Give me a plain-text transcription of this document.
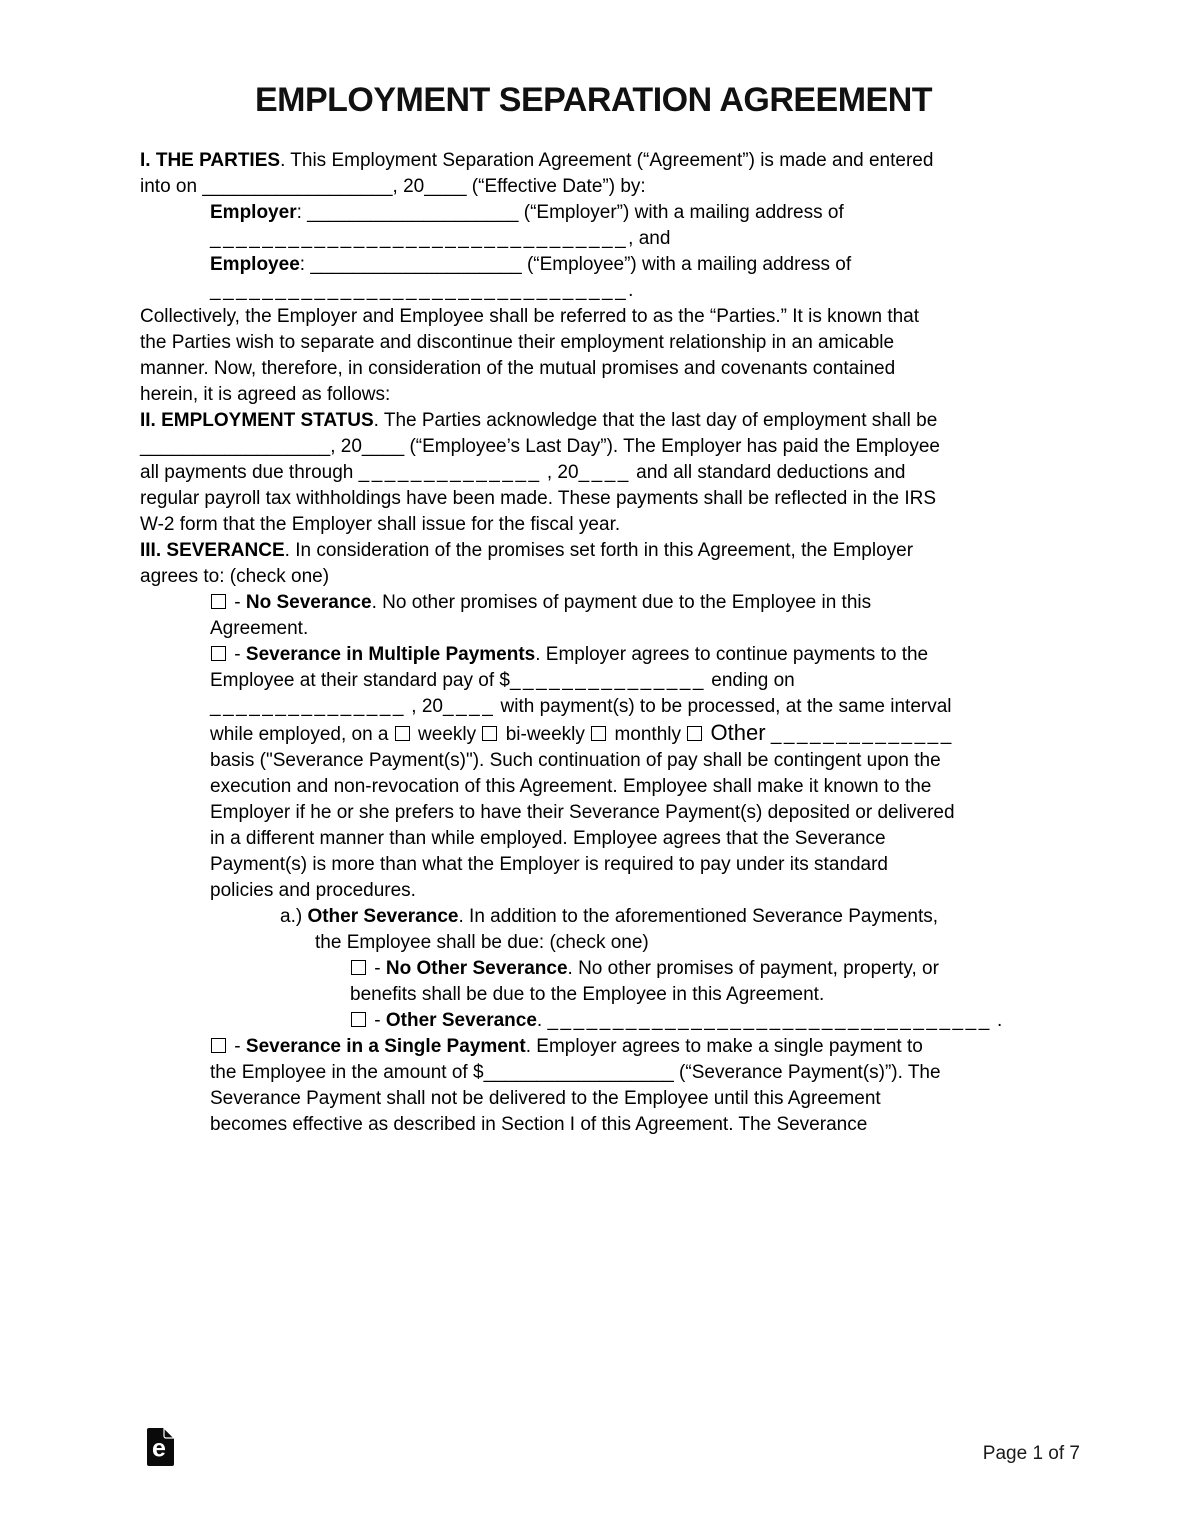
EMPLOYMENT SEPARATION AGREEMENT

I. THE PARTIES. This Employment Separation Agreement (“Agreement”) is made and entered
into on __________________, 20____ (“Effective Date”) by:

Employer: ____________________ (“Employer”) with a mailing address of
________________________________, and

Employee: ____________________ (“Employee”) with a mailing address of
________________________________.

Collectively, the Employer and Employee shall be referred to as the “Parties.” It is known that
the Parties wish to separate and discontinue their employment relationship in an amicable
manner. Now, therefore, in consideration of the mutual promises and covenants contained
herein, it is agreed as follows:

II. EMPLOYMENT STATUS. The Parties acknowledge that the last day of employment shall be
__________________, 20____ (“Employee’s Last Day”). The Employer has paid the Employee
all payments due through ______________ , 20____ and all standard deductions and
regular payroll tax withholdings have been made. These payments shall be reflected in the IRS
W-2 form that the Employer shall issue for the fiscal year.

III. SEVERANCE. In consideration of the promises set forth in this Agreement, the Employer
agrees to: (check one)

- No Severance. No other promises of payment due to the Employee in this
Agreement.

- Severance in Multiple Payments. Employer agrees to continue payments to the
Employee at their standard pay of $_______________ ending on
_______________ , 20____ with payment(s) to be processed, at the same interval
while employed, on a  weekly  bi-weekly  monthly  Other ______________
basis ("Severance Payment(s)"). Such continuation of pay shall be contingent upon the
execution and non-revocation of this Agreement. Employee shall make it known to the
Employer if he or she prefers to have their Severance Payment(s) deposited or delivered
in a different manner than while employed. Employee agrees that the Severance
Payment(s) is more than what the Employer is required to pay under its standard
policies and procedures.

a.) Other Severance. In addition to the aforementioned Severance Payments,
the Employee shall be due: (check one)

- No Other Severance. No other promises of payment, property, or
benefits shall be due to the Employee in this Agreement.

- Other Severance. __________________________________ .

- Severance in a Single Payment. Employer agrees to make a single payment to
the Employee in the amount of $__________________ (“Severance Payment(s)”). The
Severance Payment shall not be delivered to the Employee until this Agreement
becomes effective as described in Section I of this Agreement. The Severance

e	Page 1 of 7
